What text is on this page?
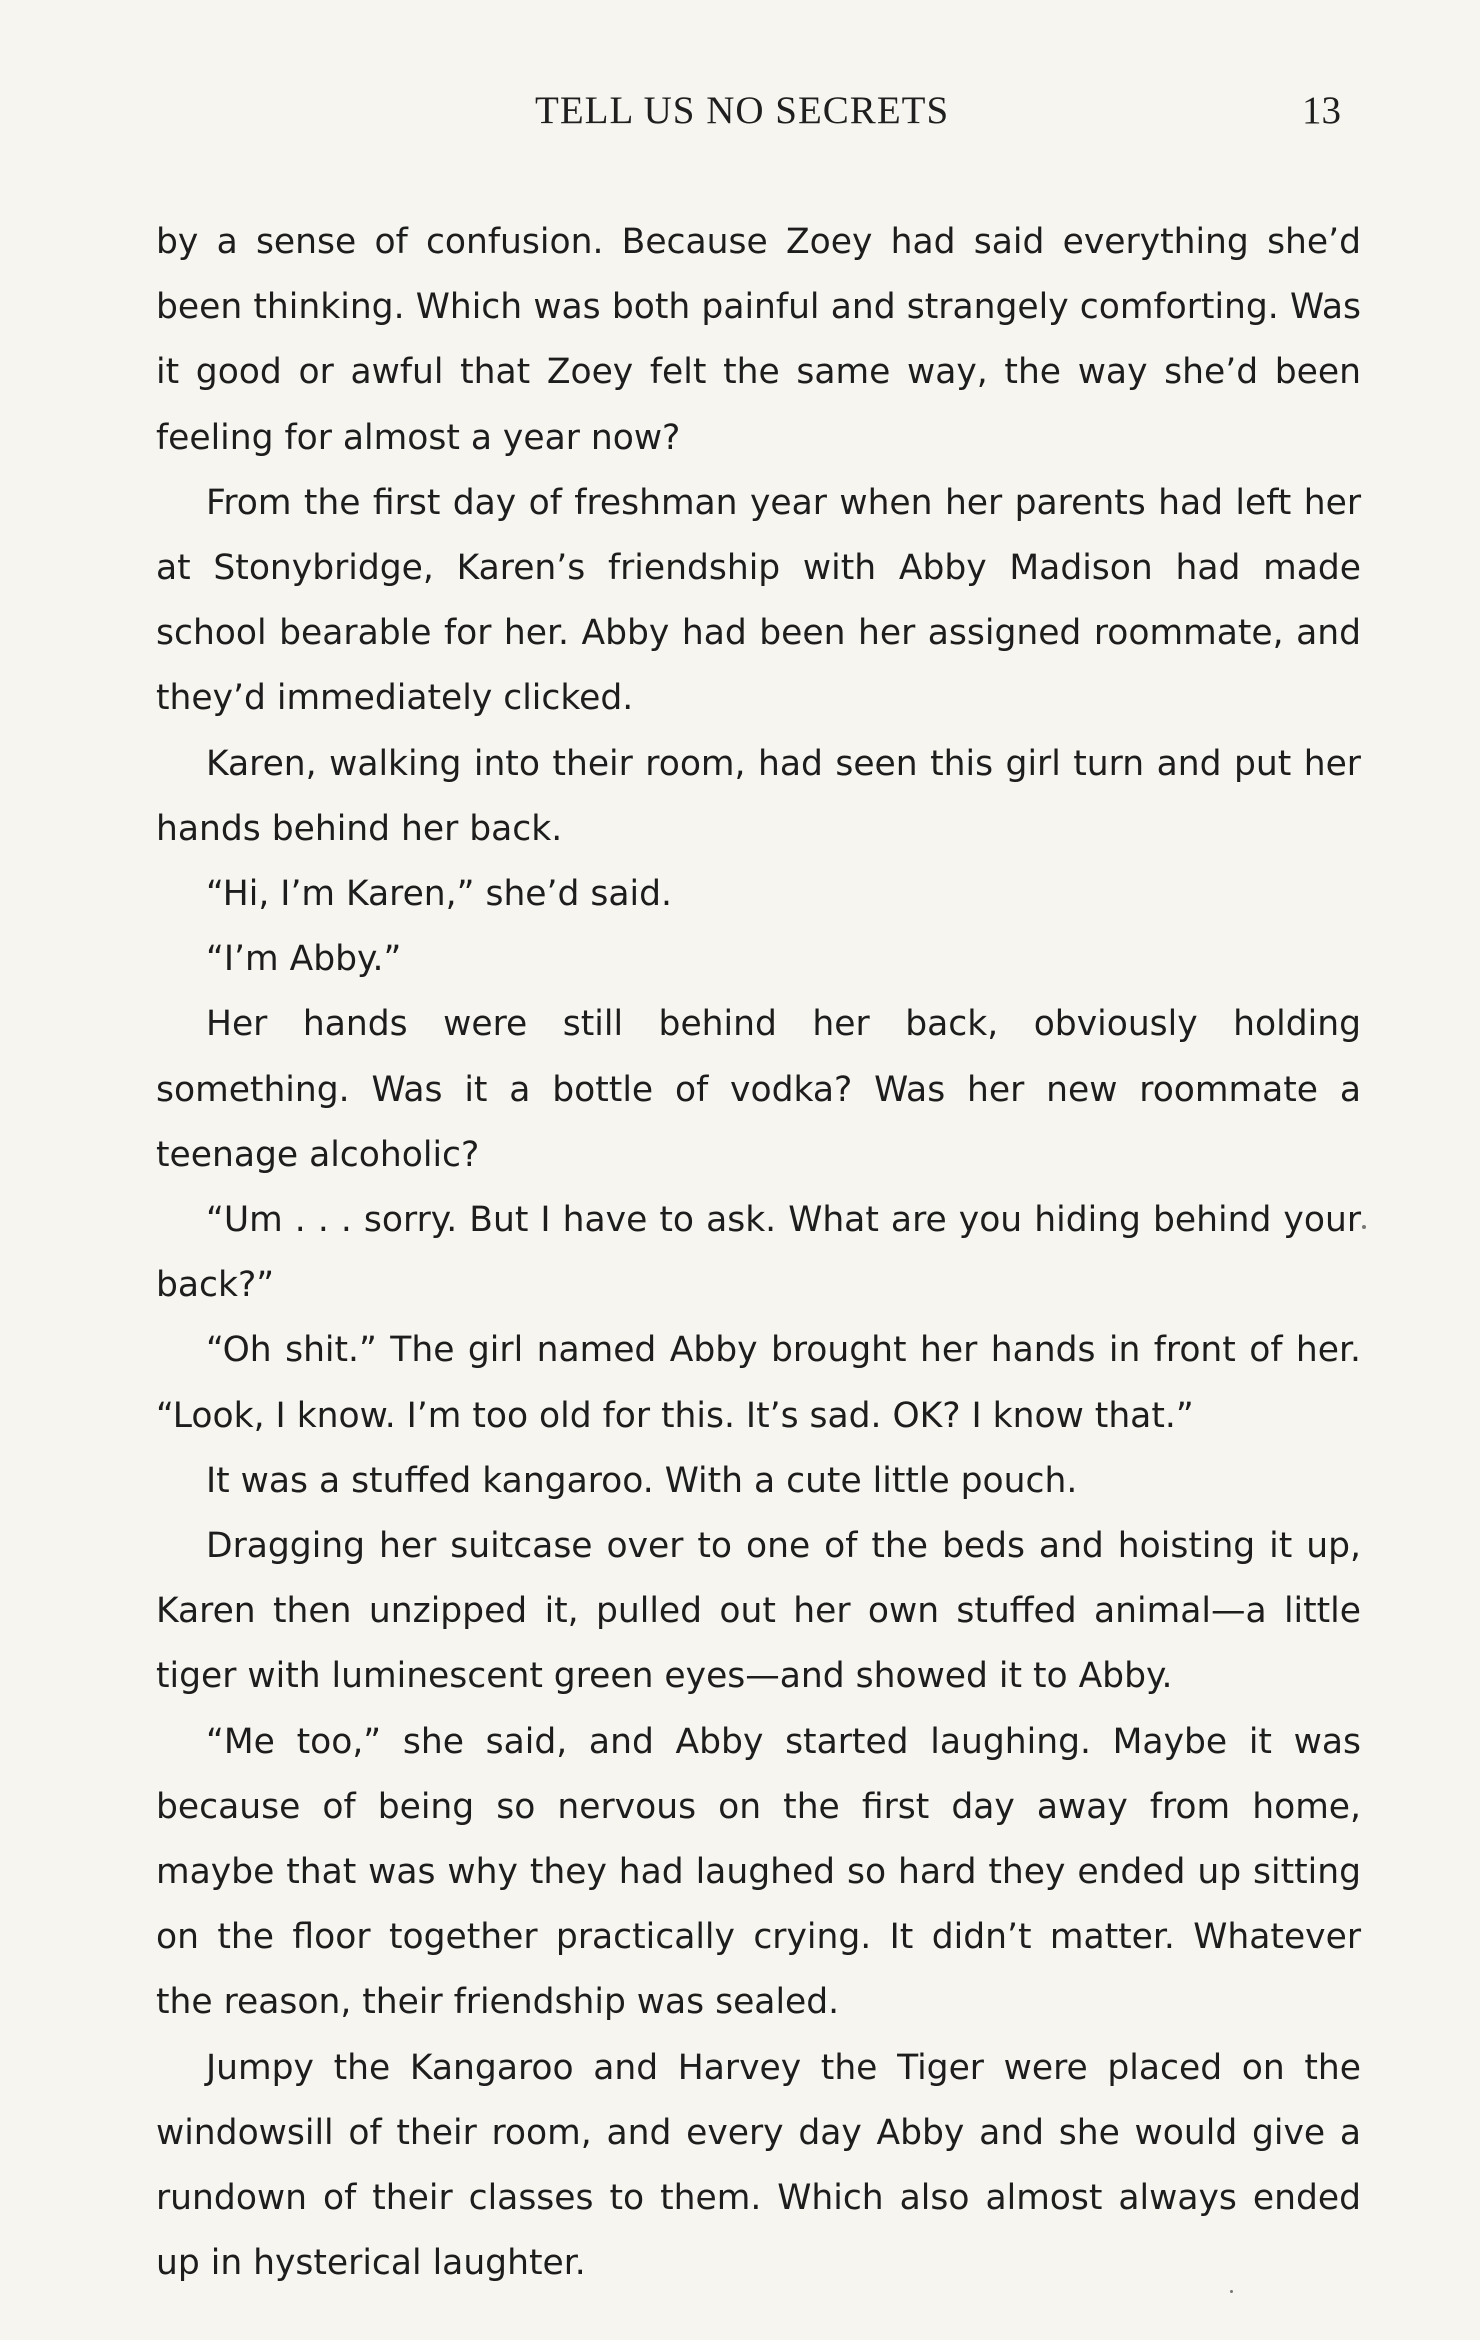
TELL US NO SECRETS	13

by a sense of confusion. Because Zoey had said everything she’d been thinking. Which was both painful and strangely comforting. Was it good or awful that Zoey felt the same way, the way she’d been feeling for almost a year now?

From the first day of freshman year when her parents had left her at Stonybridge, Karen’s friendship with Abby Madison had made school bearable for her. Abby had been her assigned roommate, and they’d immediately clicked.

Karen, walking into their room, had seen this girl turn and put her hands behind her back.

“Hi, I’m Karen,” she’d said.

“I’m Abby.”

Her hands were still behind her back, obviously holding something. Was it a bottle of vodka? Was her new roommate a teenage alcoholic?

“Um . . . sorry. But I have to ask. What are you hiding behind your back?”

“Oh shit.” The girl named Abby brought her hands in front of her. “Look, I know. I’m too old for this. It’s sad. OK? I know that.”

It was a stuffed kangaroo. With a cute little pouch.

Dragging her suitcase over to one of the beds and hoisting it up, Karen then unzipped it, pulled out her own stuffed animal—a little tiger with luminescent green eyes—and showed it to Abby.

“Me too,” she said, and Abby started laughing. Maybe it was because of being so nervous on the first day away from home, maybe that was why they had laughed so hard they ended up sitting on the floor together practically crying. It didn’t matter. Whatever the reason, their friendship was sealed.

Jumpy the Kangaroo and Harvey the Tiger were placed on the windowsill of their room, and every day Abby and she would give a rundown of their classes to them. Which also almost always ended up in hysterical laughter.
